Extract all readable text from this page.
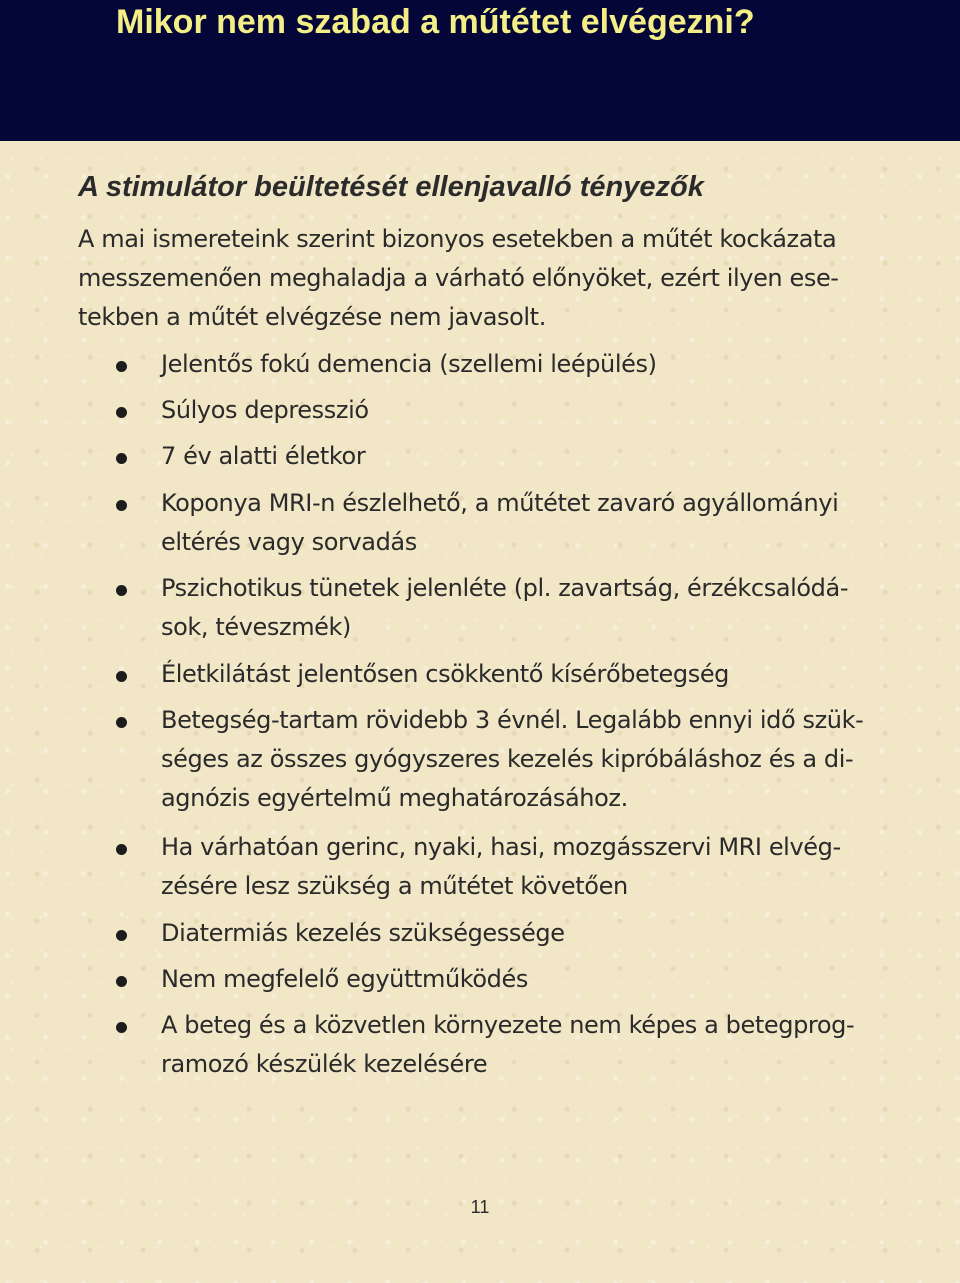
Mikor nem szabad a műtétet elvégezni?
A stimulátor beültetését ellenjavalló tényezők

A mai ismereteink szerint bizonyos esetekben a műtét kockázata
messzemenően meghaladja a várható előnyöket, ezért ilyen ese-
tekben a műtét elvégzése nem javasolt.

Jelentős fokú demencia (szellemi leépülés)

Súlyos depresszió

7 év alatti életkor

Koponya MRI-n észlelhető, a műtétet zavaró agyállományi
eltérés vagy sorvadás

Pszichotikus tünetek jelenléte (pl. zavartság, érzékcsalódá-
sok, téveszmék)

Életkilátást jelentősen csökkentő kísérőbetegség

Betegség-tartam rövidebb 3 évnél. Legalább ennyi idő szük-
séges az összes gyógyszeres kezelés kipróbáláshoz és a di-
agnózis egyértelmű meghatározásához.

Ha várhatóan gerinc, nyaki, hasi, mozgásszervi MRI elvég-
zésére lesz szükség a műtétet követően

Diatermiás kezelés szükségessége

Nem megfelelő együttműködés

A beteg és a közvetlen környezete nem képes a betegprog-
ramozó készülék kezelésére

11
